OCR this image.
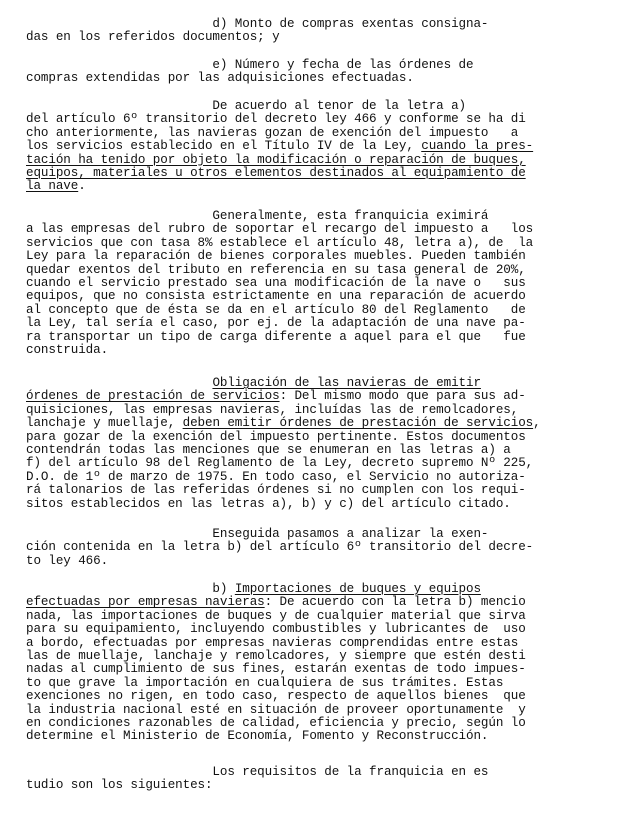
d) Monto de compras exentas consigna-
das en los referidos documentos; y
e) Número y fecha de las órdenes de
compras extendidas por las adquisiciones efectuadas.
De acuerdo al tenor de la letra a)
del artículo 6º transitorio del decreto ley 466 y conforme se ha di
cho anteriormente, las navieras gozan de exención del impuesto   a
los servicios establecido en el Título IV de la Ley, cuando la pres-
tación ha tenido por objeto la modificación o reparación de buques,
equipos, materiales u otros elementos destinados al equipamiento de
la nave.
Generalmente, esta franquicia eximirá
a las empresas del rubro de soportar el recargo del impuesto a   los
servicios que con tasa 8% establece el artículo 48, letra a), de  la
Ley para la reparación de bienes corporales muebles. Pueden también
quedar exentos del tributo en referencia en su tasa general de 20%,
cuando el servicio prestado sea una modificación de la nave o   sus
equipos, que no consista estrictamente en una reparación de acuerdo
al concepto que de ésta se da en el artículo 80 del Reglamento   de
la Ley, tal sería el caso, por ej. de la adaptación de una nave pa-
ra transportar un tipo de carga diferente a aquel para el que   fue
construida.
Obligación de las navieras de emitir
órdenes de prestación de servicios: Del mismo modo que para sus ad-
quisiciones, las empresas navieras, incluídas las de remolcadores,
lanchaje y muellaje, deben emitir órdenes de prestación de servicios,
para gozar de la exención del impuesto pertinente. Estos documentos
contendrán todas las menciones que se enumeran en las letras a) a
f) del artículo 98 del Reglamento de la Ley, decreto supremo Nº 225,
D.O. de 1º de marzo de 1975. En todo caso, el Servicio no autoriza-
rá talonarios de las referidas órdenes si no cumplen con los requi-
sitos establecidos en las letras a), b) y c) del artículo citado.
Enseguida pasamos a analizar la exen-
ción contenida en la letra b) del artículo 6º transitorio del decre-
to ley 466.
b) Importaciones de buques y equipos
efectuadas por empresas navieras: De acuerdo con la letra b) mencio
nada, las importaciones de buques y de cualquier material que sirva
para su equipamiento, incluyendo combustibles y lubricantes de  uso
a bordo, efectuadas por empresas navieras comprendidas entre estas
las de muellaje, lanchaje y remolcadores, y siempre que estén desti
nadas al cumplimiento de sus fines, estarán exentas de todo impues-
to que grave la importación en cualquiera de sus trámites. Estas
exenciones no rigen, en todo caso, respecto de aquellos bienes  que
la industria nacional esté en situación de proveer oportunamente  y
en condiciones razonables de calidad, eficiencia y precio, según lo
determine el Ministerio de Economía, Fomento y Reconstrucción.
Los requisitos de la franquicia en es
tudio son los siguientes:
